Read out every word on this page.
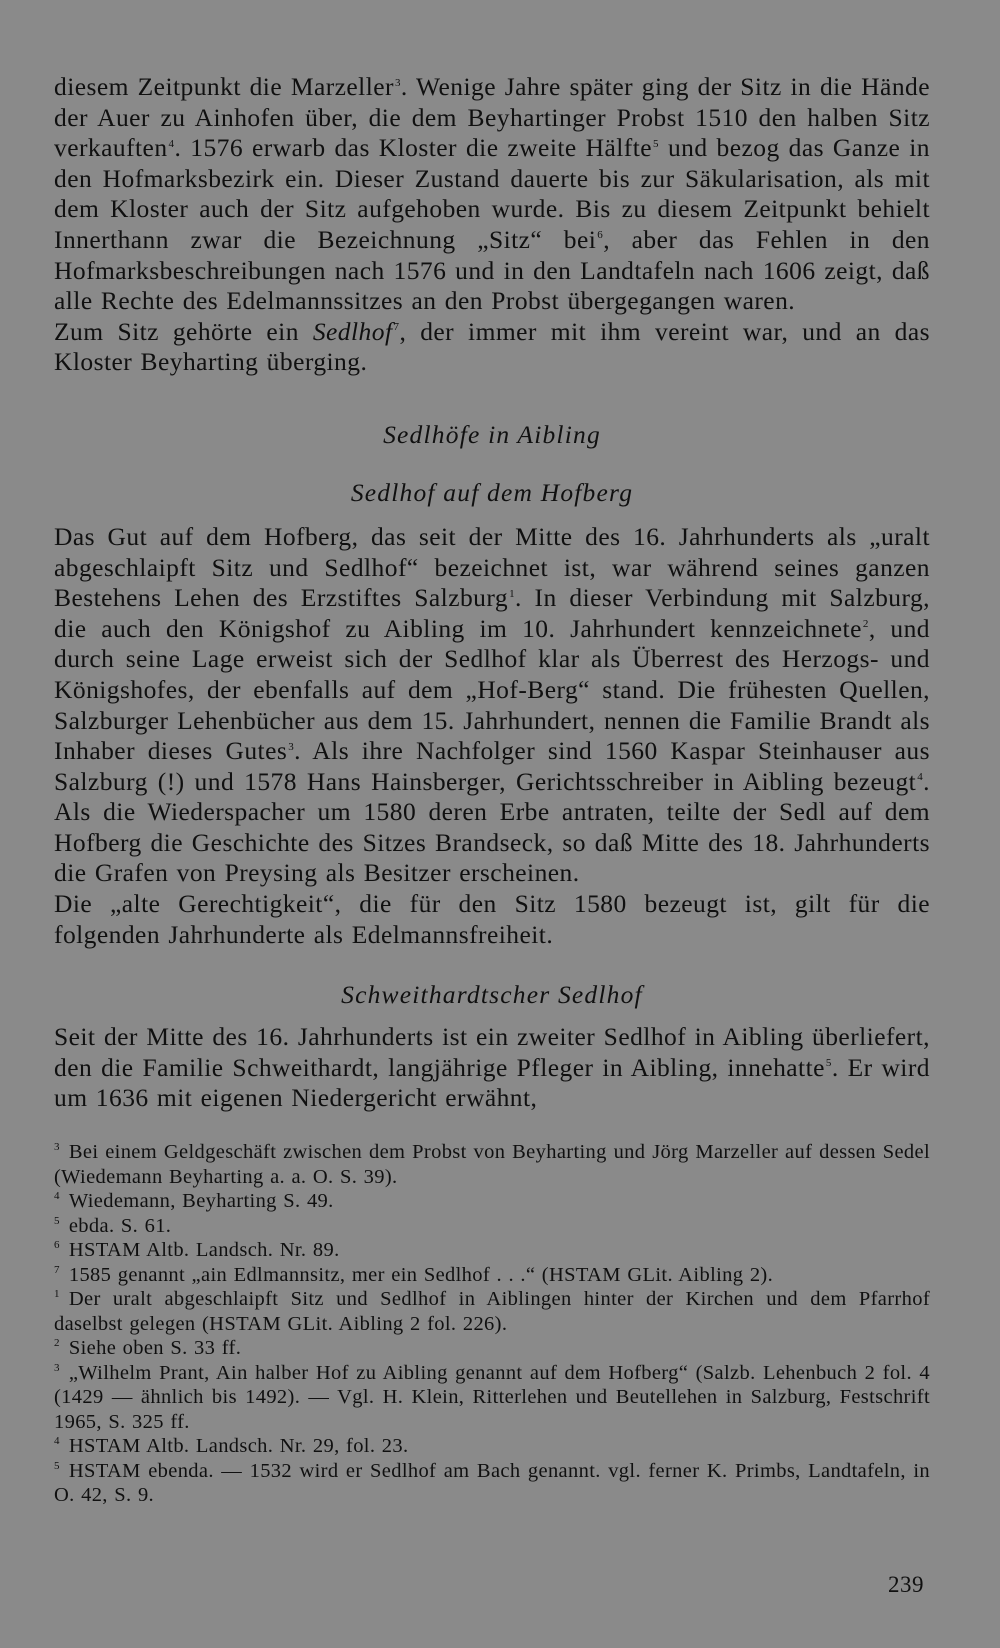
diesem Zeitpunkt die Marzeller$^3$. Wenige Jahre später ging der Sitz in die Hände der Auer zu Ainhofen über, die dem Beyhartinger Probst 1510 den halben Sitz verkauften$^4$. 1576 erwarb das Kloster die zweite Hälfte$^5$ und bezog das Ganze in den Hofmarksbezirk ein. Dieser Zustand dauerte bis zur Säkularisation, als mit dem Kloster auch der Sitz aufgehoben wurde. Bis zu diesem Zeitpunkt behielt Innerthann zwar die Bezeichnung „Sitz“ bei$^6$, aber das Fehlen in den Hofmarksbeschreibungen nach 1576 und in den Landtafeln nach 1606 zeigt, daß alle Rechte des Edelmannssitzes an den Probst übergegangen waren.

Zum Sitz gehörte ein Sedlhof$^7$, der immer mit ihm vereint war, und an das Kloster Beyharting überging.

Sedlhöfe in Aibling
Sedlhof auf dem Hofberg

Das Gut auf dem Hofberg, das seit der Mitte des 16. Jahrhunderts als „uralt abgeschlaipft Sitz und Sedlhof“ bezeichnet ist, war während seines ganzen Bestehens Lehen des Erzstiftes Salzburg$^1$. In dieser Verbindung mit Salzburg, die auch den Königshof zu Aibling im 10. Jahrhundert kennzeichnete$^2$, und durch seine Lage erweist sich der Sedlhof klar als Überrest des Herzogs- und Königshofes, der ebenfalls auf dem „Hof-Berg“ stand. Die frühesten Quellen, Salzburger Lehenbücher aus dem 15. Jahrhundert, nennen die Familie Brandt als Inhaber dieses Gutes$^3$. Als ihre Nachfolger sind 1560 Kaspar Steinhauser aus Salzburg (!) und 1578 Hans Hainsberger, Gerichtsschreiber in Aibling bezeugt$^4$. Als die Wiederspacher um 1580 deren Erbe antraten, teilte der Sedl auf dem Hofberg die Geschichte des Sitzes Brandseck, so daß Mitte des 18. Jahrhunderts die Grafen von Preysing als Besitzer erscheinen.

Die „alte Gerechtigkeit“, die für den Sitz 1580 bezeugt ist, gilt für die folgenden Jahrhunderte als Edelmannsfreiheit.

Schweithardtscher Sedlhof

Seit der Mitte des 16. Jahrhunderts ist ein zweiter Sedlhof in Aibling überliefert, den die Familie Schweithardt, langjährige Pfleger in Aibling, innehatte$^5$. Er wird um 1636 mit eigenen Niedergericht erwähnt,

$^3$ Bei einem Geldgeschäft zwischen dem Probst von Beyharting und Jörg Marzeller auf dessen Sedel (Wiedemann Beyharting a. a. O. S. 39).
$^4$ Wiedemann, Beyharting S. 49.
$^5$ ebda. S. 61.
$^6$ HSTAM Altb. Landsch. Nr. 89.
$^7$ 1585 genannt „ain Edlmannsitz, mer ein Sedlhof . . .“ (HSTAM GLit. Aibling 2).
$^1$ Der uralt abgeschlaipft Sitz und Sedlhof in Aiblingen hinter der Kirchen und dem Pfarrhof daselbst gelegen (HSTAM GLit. Aibling 2 fol. 226).
$^2$ Siehe oben S. 33 ff.
$^3$ „Wilhelm Prant, Ain halber Hof zu Aibling genannt auf dem Hofberg“ (Salzb. Lehenbuch 2 fol. 4 (1429 — ähnlich bis 1492). — Vgl. H. Klein, Ritterlehen und Beutellehen in Salzburg, Festschrift 1965, S. 325 ff.
$^4$ HSTAM Altb. Landsch. Nr. 29, fol. 23.
$^5$ HSTAM ebenda. — 1532 wird er Sedlhof am Bach genannt. vgl. ferner K. Primbs, Landtafeln, in O. 42, S. 9.
239
